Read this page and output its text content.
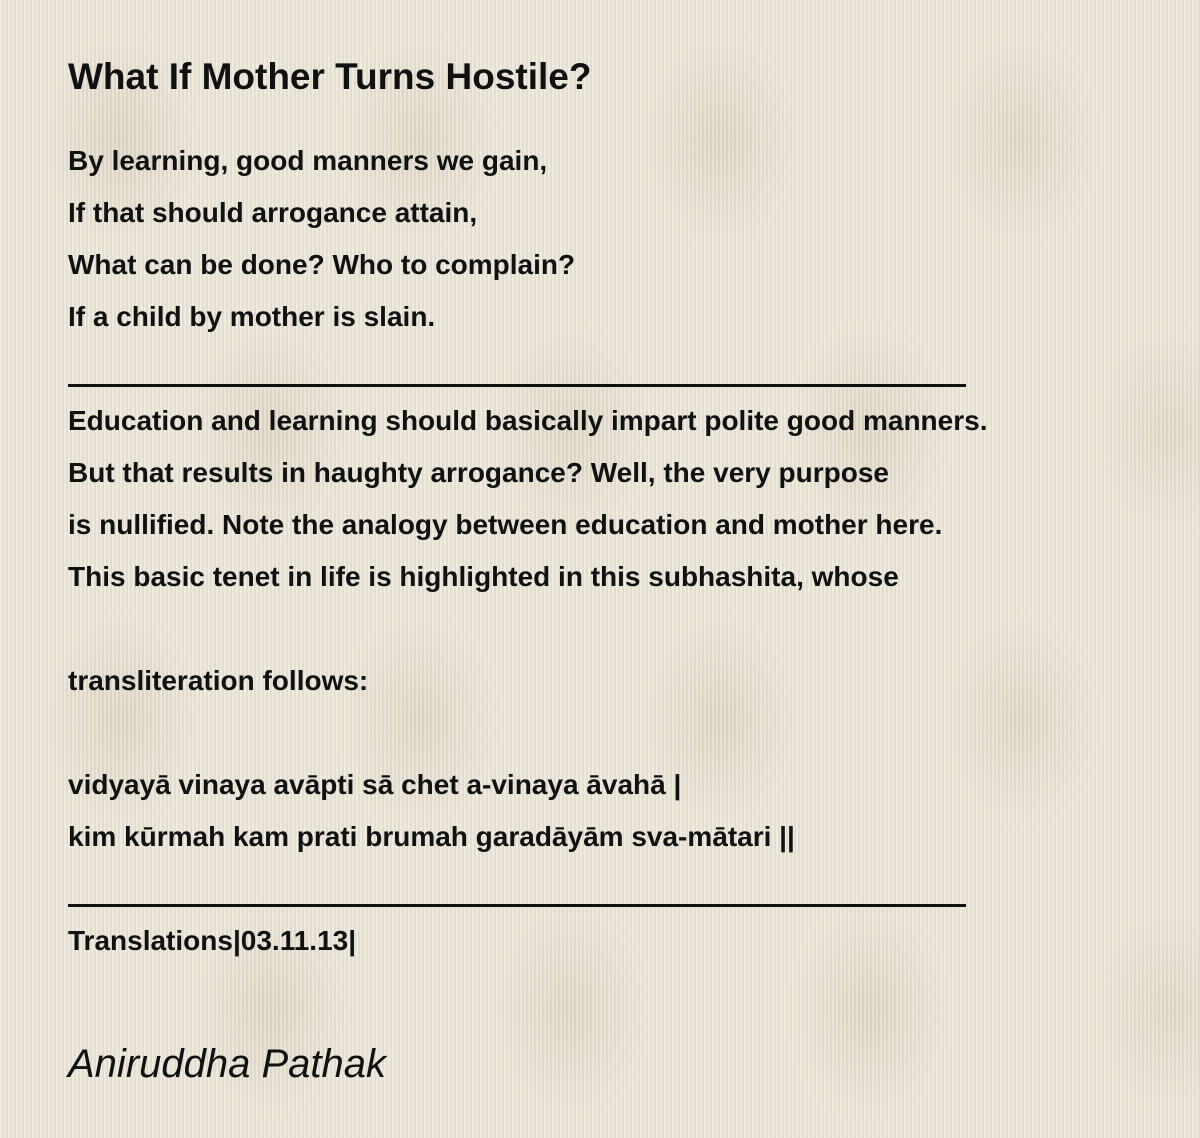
What If Mother Turns Hostile?
By learning, good manners we gain,
If that should arrogance attain,
What can be done? Who to complain?
If a child by mother is slain.
Education and learning should basically impart polite good manners.
But that results in haughty arrogance? Well, the very purpose
is nullified. Note the analogy between education and mother here.
This basic tenet in life is highlighted in this subhashita, whose
transliteration follows:
vidyayā vinaya avāpti sā chet a-vinaya āvahā |
kim kūrmah kam prati brumah garadāyām sva-mātari ||
Translations|03.11.13|
Aniruddha Pathak
